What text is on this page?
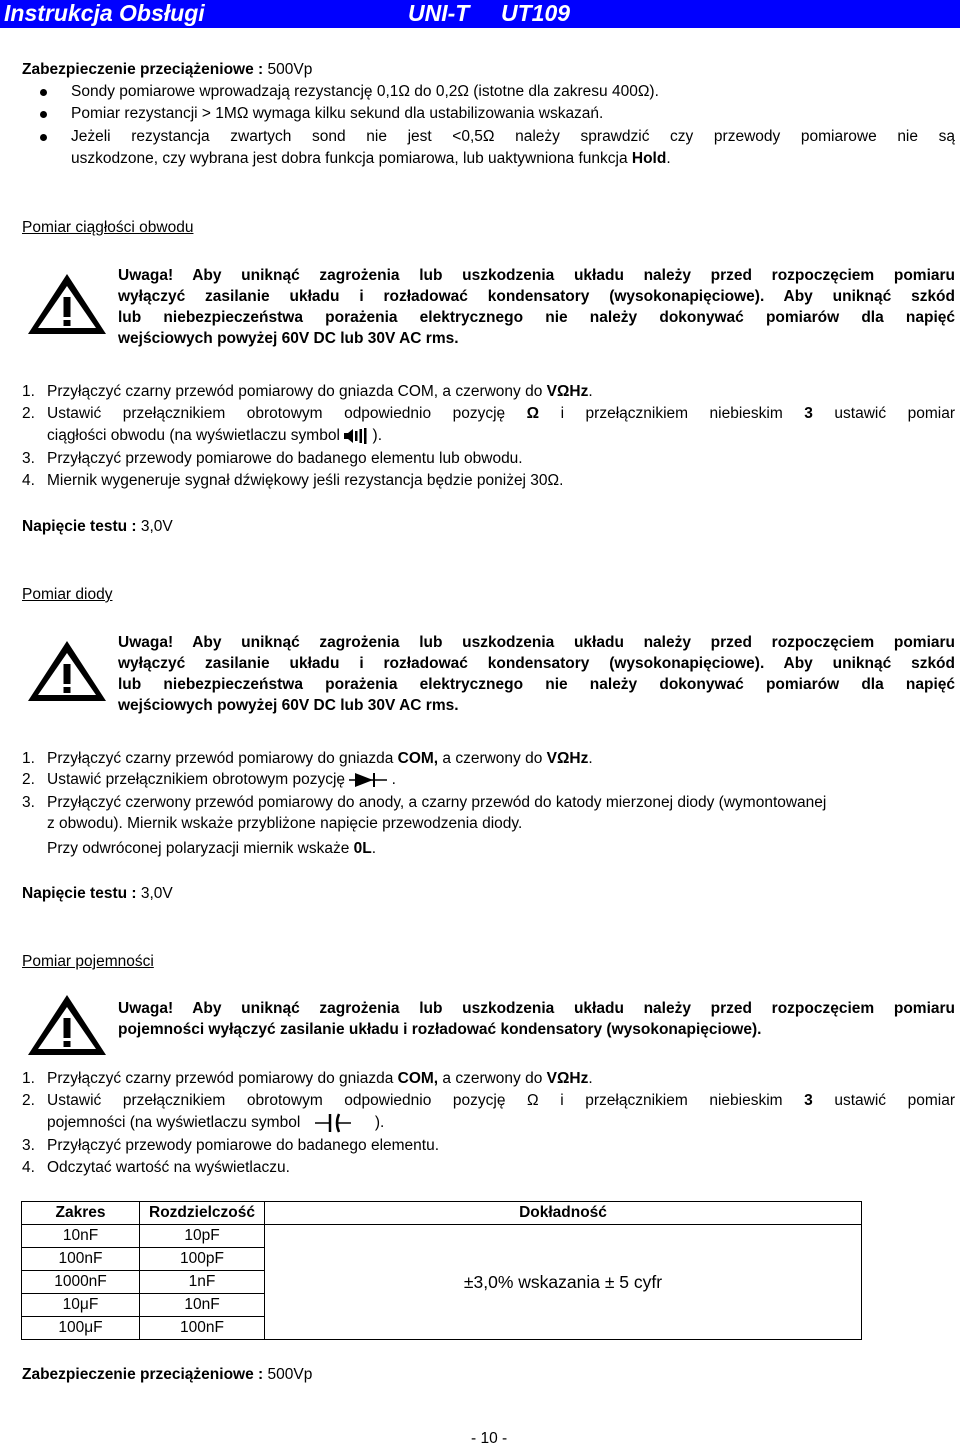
Instrukcja Obsługi	UNI-T UT109
Zabezpieczenie przeciążeniowe : 500Vp
Sondy pomiarowe wprowadzają rezystancję 0,1Ω do 0,2Ω (istotne dla zakresu 400Ω).
Pomiar rezystancji > 1MΩ wymaga kilku sekund dla ustabilizowania wskazań.
Jeżeli rezystancja zwartych sond nie jest <0,5Ω należy sprawdzić czy przewody pomiarowe nie są
uszkodzone, czy wybrana jest dobra funkcja pomiarowa, lub uaktywniona funkcja Hold.
Pomiar ciągłości obwodu
Uwaga! Aby uniknąć zagrożenia lub uszkodzenia układu należy przed rozpoczęciem pomiaru
wyłączyć zasilanie układu i rozładować kondensatory (wysokonapięciowe). Aby uniknąć szkód
lub niebezpieczeństwa porażenia elektrycznego nie należy dokonywać pomiarów dla napięć
wejściowych powyżej 60V DC lub 30V AC rms.
1. Przyłączyć czarny przewód pomiarowy do gniazda COM, a czerwony do VΩHz.
2. Ustawić przełącznikiem obrotowym odpowiednio pozycję Ω i przełącznikiem niebieskim 3 ustawić pomiar
ciągłości obwodu (na wyświetlaczu symbol ).
3. Przyłączyć przewody pomiarowe do badanego elementu lub obwodu.
4. Miernik wygeneruje sygnał dźwiękowy jeśli rezystancja będzie poniżej 30Ω.
Napięcie testu : 3,0V
Pomiar diody
Uwaga! Aby uniknąć zagrożenia lub uszkodzenia układu należy przed rozpoczęciem pomiaru
wyłączyć zasilanie układu i rozładować kondensatory (wysokonapięciowe). Aby uniknąć szkód
lub niebezpieczeństwa porażenia elektrycznego nie należy dokonywać pomiarów dla napięć
wejściowych powyżej 60V DC lub 30V AC rms.
1. Przyłączyć czarny przewód pomiarowy do gniazda COM, a czerwony do VΩHz.
2. Ustawić przełącznikiem obrotowym pozycję	.
3. Przyłączyć czerwony przewód pomiarowy do anody, a czarny przewód do katody mierzonej diody (wymontowanej
z obwodu). Miernik wskaże przybliżone napięcie przewodzenia diody.
Przy odwróconej polaryzacji miernik wskaże 0L.
Napięcie testu : 3,0V
Pomiar pojemności
Uwaga! Aby uniknąć zagrożenia lub uszkodzenia układu należy przed rozpoczęciem pomiaru
pojemności wyłączyć zasilanie układu i rozładować kondensatory (wysokonapięciowe).
1. Przyłączyć czarny przewód pomiarowy do gniazda COM, a czerwony do VΩHz.
2. Ustawić przełącznikiem obrotowym odpowiednio pozycję Ω i przełącznikiem niebieskim 3 ustawić pomiar
pojemności (na wyświetlaczu symbol	).
3. Przyłączyć przewody pomiarowe do badanego elementu.
4. Odczytać wartość na wyświetlaczu.
Zakres	Rozdzielczość	Dokładność
10nF	10pF	±3,0% wskazania ± 5 cyfr
100nF	100pF	
1000nF	1nF	
10μF	10nF	
100μF	100nF	
Zabezpieczenie przeciążeniowe : 500Vp
- 10 -
